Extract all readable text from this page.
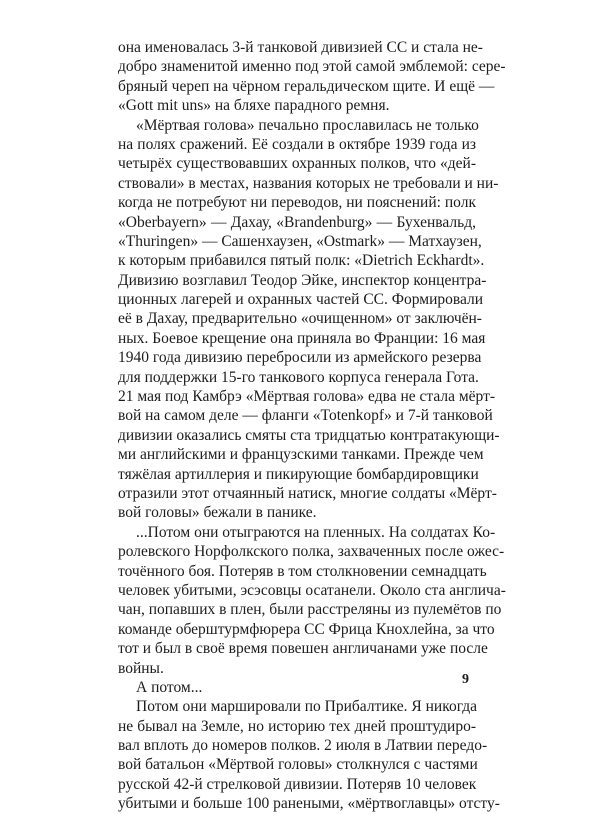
она именовалась 3-й танковой дивизией СС и стала не-
добро знаменитой именно под этой самой эмблемой: сере-
бряный череп на чёрном геральдическом щите. И ещё —
«Gott mit uns» на бляхе парадного ремня.
«Мёртвая голова» печально прославилась не только
на полях сражений. Её создали в октябре 1939 года из
четырёх существовавших охранных полков, что «дей-
ствовали» в местах, названия которых не требовали и ни-
когда не потребуют ни переводов, ни пояснений: полк
«Oberbayern» — Дахау, «Brandenburg» — Бухенвальд,
«Thuringen» — Сашенхаузен, «Ostmark» — Матхаузен,
к которым прибавился пятый полк: «Dietrich Eckhardt».
Дивизию возглавил Теодор Эйке, инспектор концентра-
ционных лагерей и охранных частей СС. Формировали
её в Дахау, предварительно «очищенном» от заключён-
ных. Боевое крещение она приняла во Франции: 16 мая
1940 года дивизию перебросили из армейского резерва
для поддержки 15-го танкового корпуса генерала Гота.
21 мая под Камбрэ «Мёртвая голова» едва не стала мёрт-
вой на самом деле — фланги «Totenkopf» и 7-й танковой
дивизии оказались смяты ста тридцатью контратакующи-
ми английскими и французскими танками. Прежде чем
тяжёлая артиллерия и пикирующие бомбардировщики
отразили этот отчаянный натиск, многие солдаты «Мёрт-
вой головы» бежали в панике.
...Потом они отыграются на пленных. На солдатах Ко-
ролевского Норфолкского полка, захваченных после ожес-
точённого боя. Потеряв в том столкновении семнадцать
человек убитыми, эсэсовцы осатанели. Около ста англича-
чан, попавших в плен, были расстреляны из пулемётов по
команде оберштурмфюрера СС Фрица Кнохлейна, за что
тот и был в своё время повешен англичанами уже после
войны.
А потом...
Потом они маршировали по Прибалтике. Я никогда
не бывал на Земле, но историю тех дней проштудиро-
вал вплоть до номеров полков. 2 июля в Латвии передо-
вой батальон «Мёртвой головы» столкнулся с частями
русской 42-й стрелковой дивизии. Потеряв 10 человек
убитыми и больше 100 ранеными, «мёртвоглавцы» отсту-
9
